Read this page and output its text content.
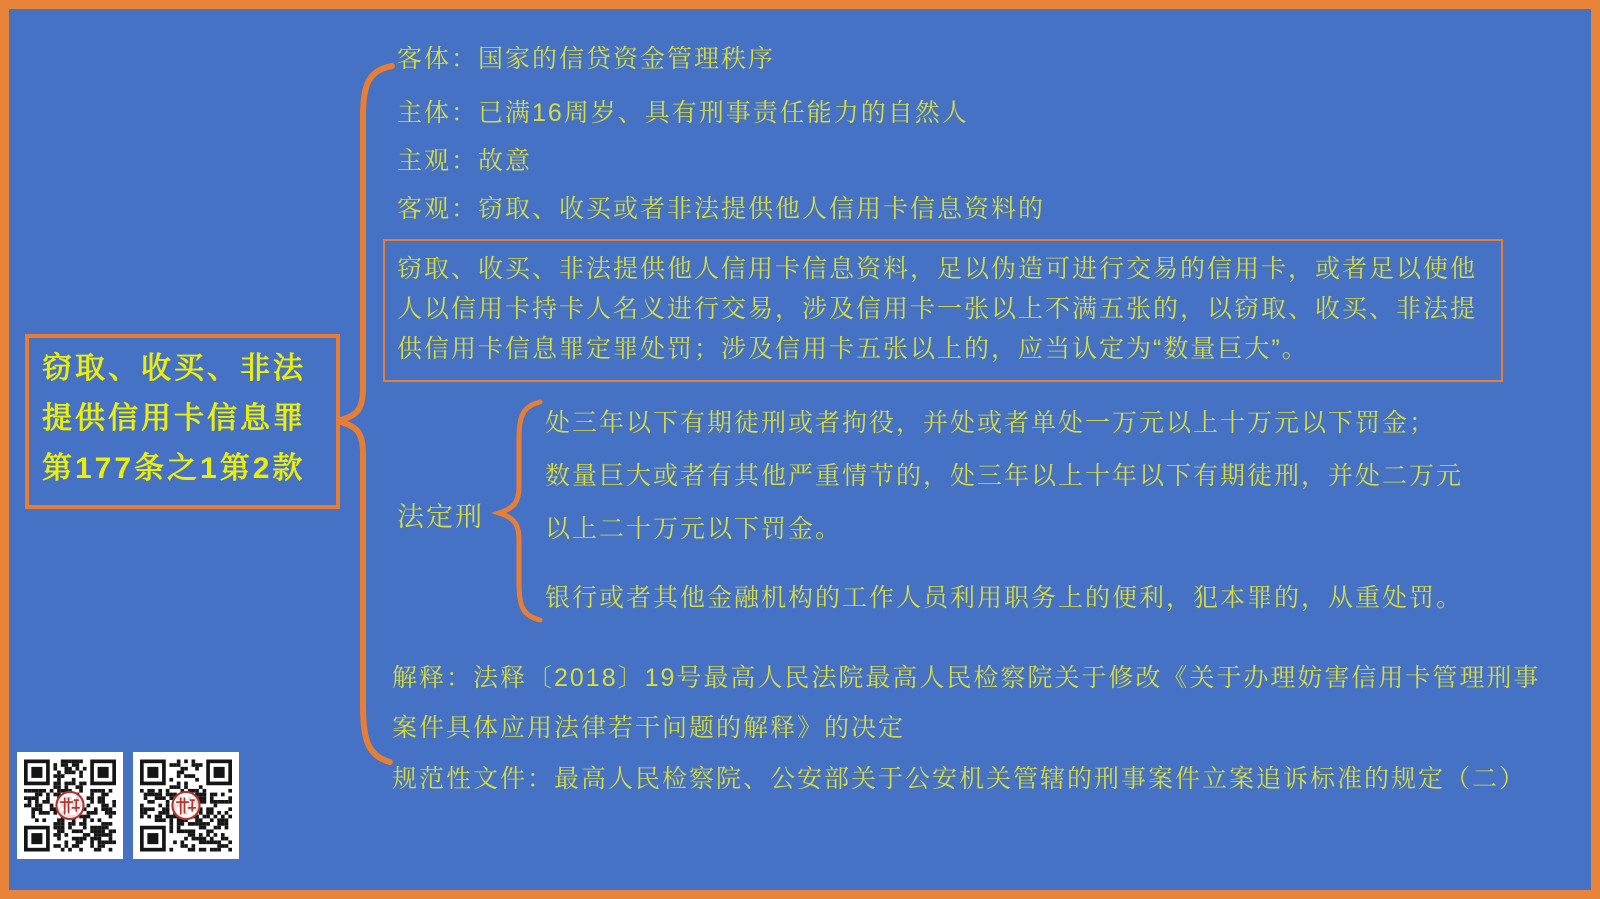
窃取、收买、非法
提供信用卡信息罪
第177条之1第2款
客体：国家的信贷资金管理秩序
主体：已满16周岁、具有刑事责任能力的自然人
主观：故意
客观：窃取、收买或者非法提供他人信用卡信息资料的
窃取、收买、非法提供他人信用卡信息资料，足以伪造可进行交易的信用卡，或者足以使他人以信用卡持卡人名义进行交易，涉及信用卡一张以上不满五张的，以窃取、收买、非法提供信用卡信息罪定罪处罚；涉及信用卡五张以上的，应当认定为“数量巨大”。
法定刑
处三年以下有期徒刑或者拘役，并处或者单处一万元以上十万元以下罚金；
数量巨大或者有其他严重情节的，处三年以上十年以下有期徒刑，并处二万元
以上二十万元以下罚金。
银行或者其他金融机构的工作人员利用职务上的便利，犯本罪的，从重处罚。
解释：法释〔2018〕19号最高人民法院最高人民检察院关于修改《关于办理妨害信用卡管理刑事
案件具体应用法律若干问题的解释》的决定
规范性文件：最高人民检察院、公安部关于公安机关管辖的刑事案件立案追诉标准的规定（二）
